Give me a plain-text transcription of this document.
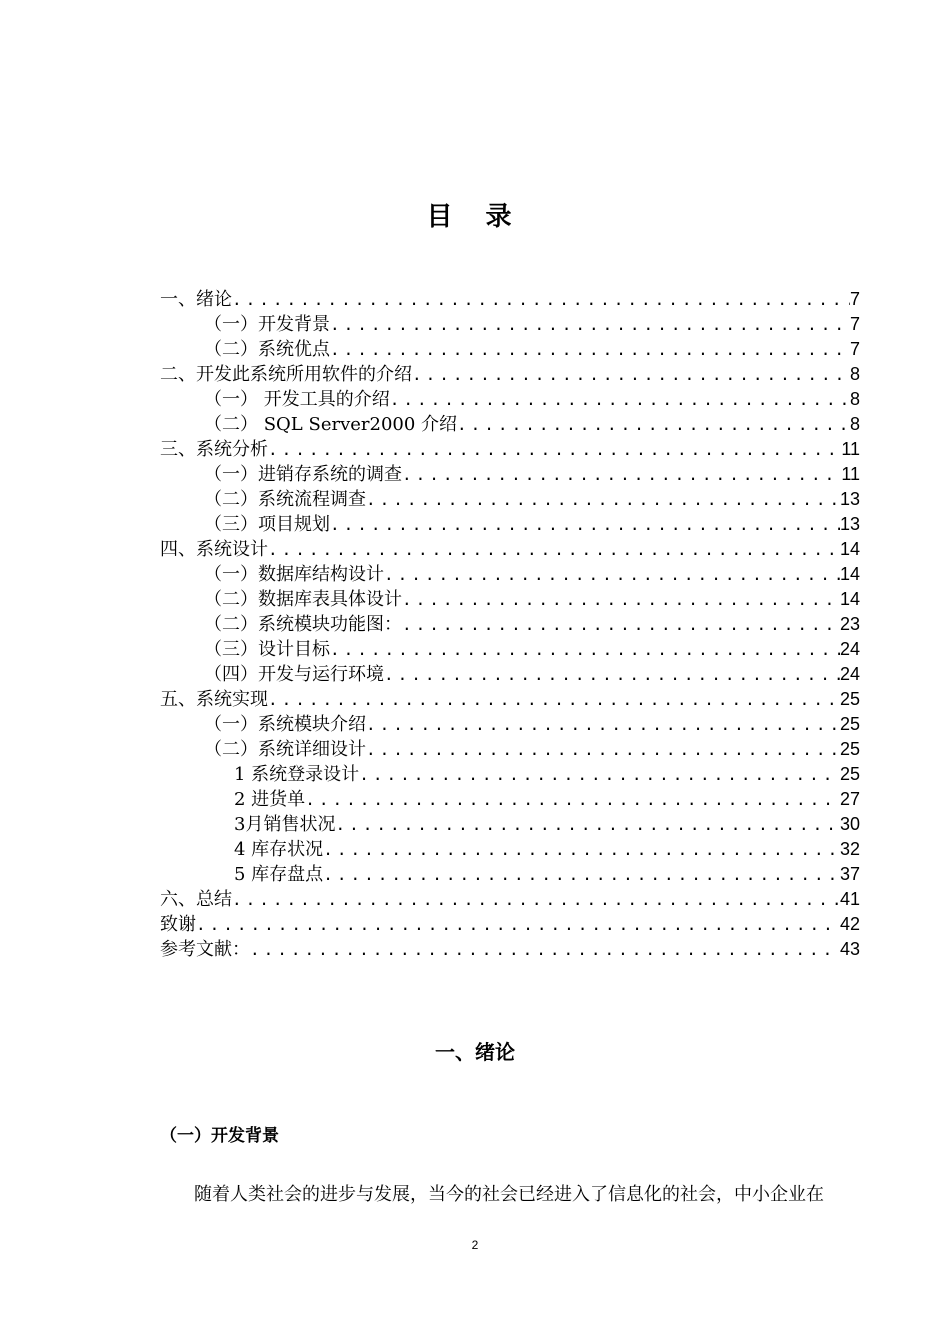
目 录
一、绪论 .....	7
（一）开发背景 .....	7
（二）系统优点 .....	7
二、开发此系统所用软件的介绍 .....	8
（一） 开发工具的介绍 .....	8
（二） SQL Server2000 介绍 .....	8
三、系统分析 .....	11
（一）进销存系统的调查 .....	11
（二）系统流程调查 .....	13
（三）项目规划 .....	13
四、系统设计 .....	14
（一）数据库结构设计 .....	14
（二）数据库表具体设计 .....	14
（二）系统模块功能图： .....	23
（三）设计目标 .....	24
（四）开发与运行环境 .....	24
五、系统实现 .....	25
（一）系统模块介绍 .....	25
（二）系统详细设计 .....	25
1 系统登录设计 .....	25
2 进货单 .....	27
3月销售状况 .....	30
4 库存状况 .....	32
5 库存盘点 .....	37
六、总结 .....	41
致谢 .....	42
参考文献： .....	43
一、绪论
（一）开发背景
随着人类社会的进步与发展，当今的社会已经进入了信息化的社会，中小企业在
2
